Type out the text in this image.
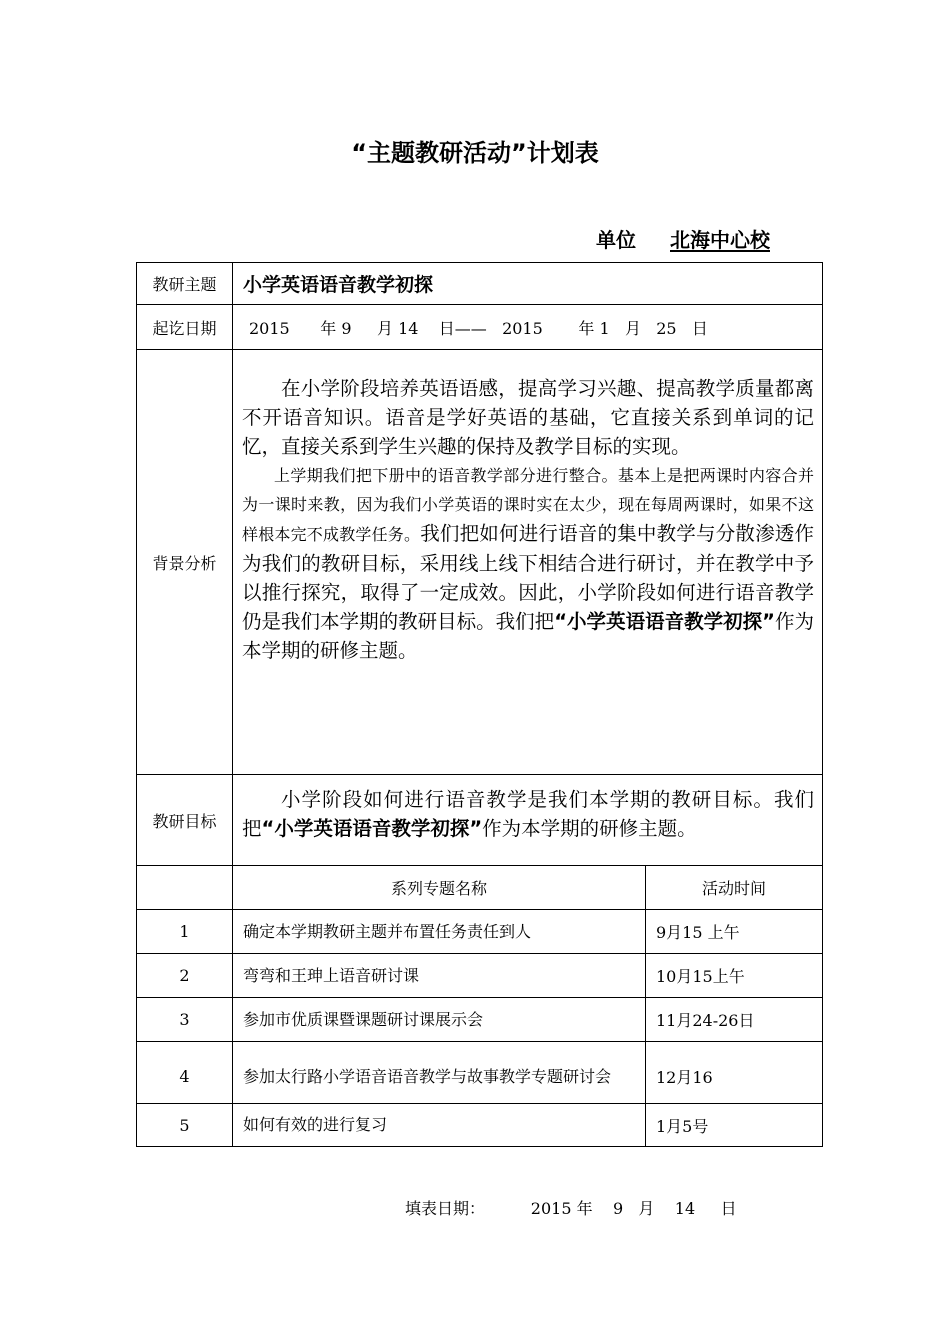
“主题教研活动”计划表
单位 北海中心校
教研主题	小学英语语音教学初探	
起讫日期	2015 年 9 月 14 日—— 2015 年 1 月 25 日	
背景分析	在小学阶段培养英语语感，提高学习兴趣、提高教学质量都离不开语音知识。语音是学好英语的基础，它直接关系到单词的记忆，直接关系到学生兴趣的保持及教学目标的实现。

上学期我们把下册中的语音教学部分进行整合。基本上是把两课时内容合并为一课时来教，因为我们小学英语的课时实在太少，现在每周两课时，如果不这样根本完不成教学任务。我们把如何进行语音的集中教学与分散渗透作为我们的教研目标，采用线上线下相结合进行研讨，并在教学中予以推行探究，取得了一定成效。因此，小学阶段如何进行语音教学仍是我们本学期的教研目标。我们把“小学英语语音教学初探”作为本学期的研修主题。	

教研目标	小学阶段如何进行语音教学是我们本学期的教研目标。我们把“小学英语语音教学初探”作为本学期的研修主题。	

	系列专题名称	活动时间
1	确定本学期教研主题并布置任务责任到人	9月15 上午
2	弯弯和王珅上语音研讨课	10月15上午
3	参加市优质课暨课题研讨课展示会	11月24-26日
4	参加太行路小学语音语音教学与故事教学专题研讨会	12月16
5	如何有效的进行复习	1月5号
填表日期：	2015 年 9 月 14 日
